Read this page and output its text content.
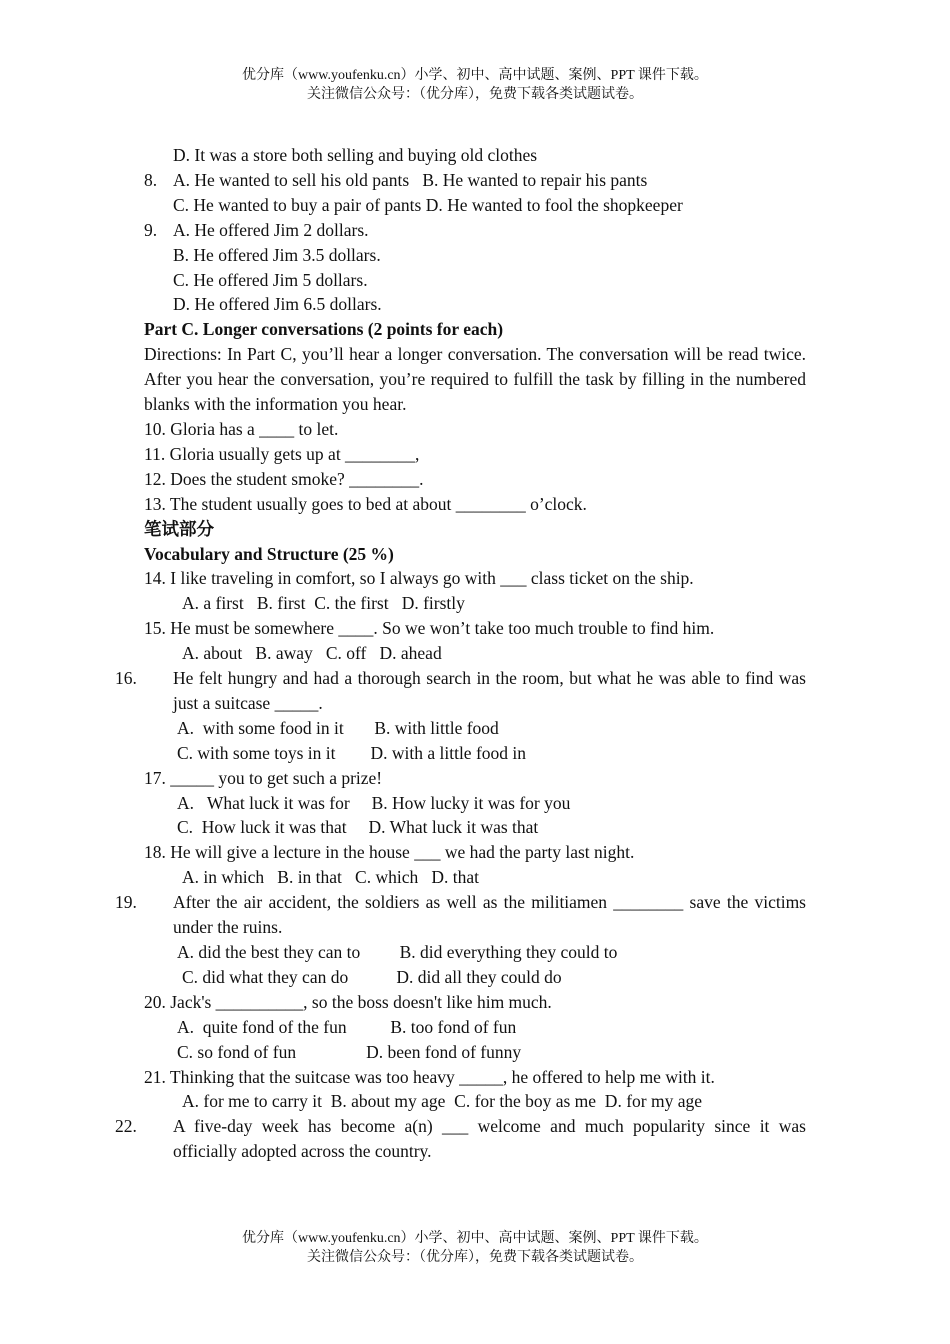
优分库（www.youfenku.cn）小学、初中、高中试题、案例、PPT 课件下载。
关注微信公众号：（优分库），免费下载各类试题试卷。
D. It was a store both selling and buying old clothes
8. A. He wanted to sell his old pants   B. He wanted to repair his pants
C. He wanted to buy a pair of pants D. He wanted to fool the shopkeeper
9. A. He offered Jim 2 dollars.
B. He offered Jim 3.5 dollars.
C. He offered Jim 5 dollars.
D. He offered Jim 6.5 dollars.
Part C. Longer conversations (2 points for each)
Directions: In Part C, you’ll hear a longer conversation. The conversation will be read twice. After you hear the conversation, you’re required to fulfill the task by filling in the numbered blanks with the information you hear.
10. Gloria has a ____ to let.
11. Gloria usually gets up at ________,
12. Does the student smoke? ________.
13. The student usually goes to bed at about ________ o’clock.
笔试部分
Vocabulary and Structure (25 %)
14. I like traveling in comfort, so I always go with ___ class ticket on the ship.
A. a first   B. first  C. the first   D. firstly
15. He must be somewhere ____. So we won’t take too much trouble to find him.
A. about   B. away   C. off   D. ahead
16. He felt hungry and had a thorough search in the room, but what he was able to find was just a suitcase _____.
A.  with some food in it       B. with little food
C. with some toys in it        D. with a little food in
17. _____ you to get such a prize!
A.   What luck it was for     B. How lucky it was for you
C.  How luck it was that     D. What luck it was that
18. He will give a lecture in the house ___ we had the party last night.
A. in which   B. in that   C. which   D. that
19. After the air accident, the soldiers as well as the militiamen ________ save the victims under the ruins.
A. did the best they can to         B. did everything they could to
C. did what they can do           D. did all they could do
20. Jack's __________, so the boss doesn't like him much.
A.  quite fond of the fun          B. too fond of fun
C. so fond of fun                D. been fond of funny
21. Thinking that the suitcase was too heavy _____, he offered to help me with it.
A. for me to carry it  B. about my age  C. for the boy as me  D. for my age
22. A five-day week has become a(n) ___ welcome and much popularity since it was officially adopted across the country.
优分库（www.youfenku.cn）小学、初中、高中试题、案例、PPT 课件下载。
关注微信公众号：（优分库），免费下载各类试题试卷。
